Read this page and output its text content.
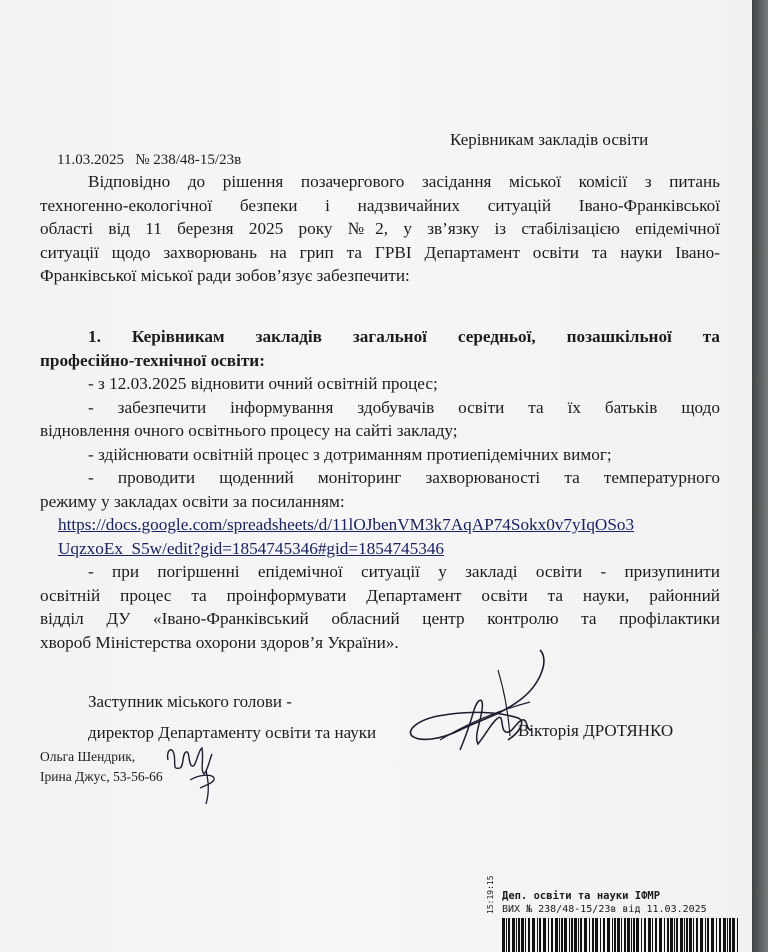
Керівникам закладів освіти
11.03.2025 № 238/48-15/23в
Відповідно до рішення позачергового засідання міської комісії з питань
техногенно-екологічної безпеки і надзвичайних ситуацій Івано-Франківської
області від 11 березня 2025 року №2, у зв’язку із стабілізацією епідемічної
ситуації щодо захворювань на грип та ГРВІ Департамент освіти та науки Івано-
Франківської міської ради зобов’язує забезпечити:
1. Керівникам закладів загальної середньої, позашкільної та
професійно-технічної освіти:
- з 12.03.2025 відновити очний освітній процес;
- забезпечити інформування здобувачів освіти та їх батьків щодо
відновлення очного освітнього процесу на сайті закладу;
- здійснювати освітній процес з дотриманням протиепідемічних вимог;
- проводити щоденний моніторинг захворюваності та температурного
режиму у закладах освіти за посиланням:
https://docs.google.com/spreadsheets/d/11lOJbenVM3k7AqAP74Sokx0v7yIqOSo3
UqzxoEx_S5w/edit?gid=1854745346#gid=1854745346
- при погіршенні епідемічної ситуації у закладі освіти - призупинити
освітній процес та проінформувати Департамент освіти та науки, районний
відділ ДУ «Івано-Франківський обласний центр контролю та профілактики
хвороб Міністерства охорони здоров’я України».
Заступник міського голови -
директор Департаменту освіти та науки	Вікторія ДРОТЯНКО
Ольга Шендрик,
Ірина Джус, 53-56-66
Деп. освіти та науки ІФМР
ВИХ № 238/48-15/23в від 11.03.2025
15:19:15
